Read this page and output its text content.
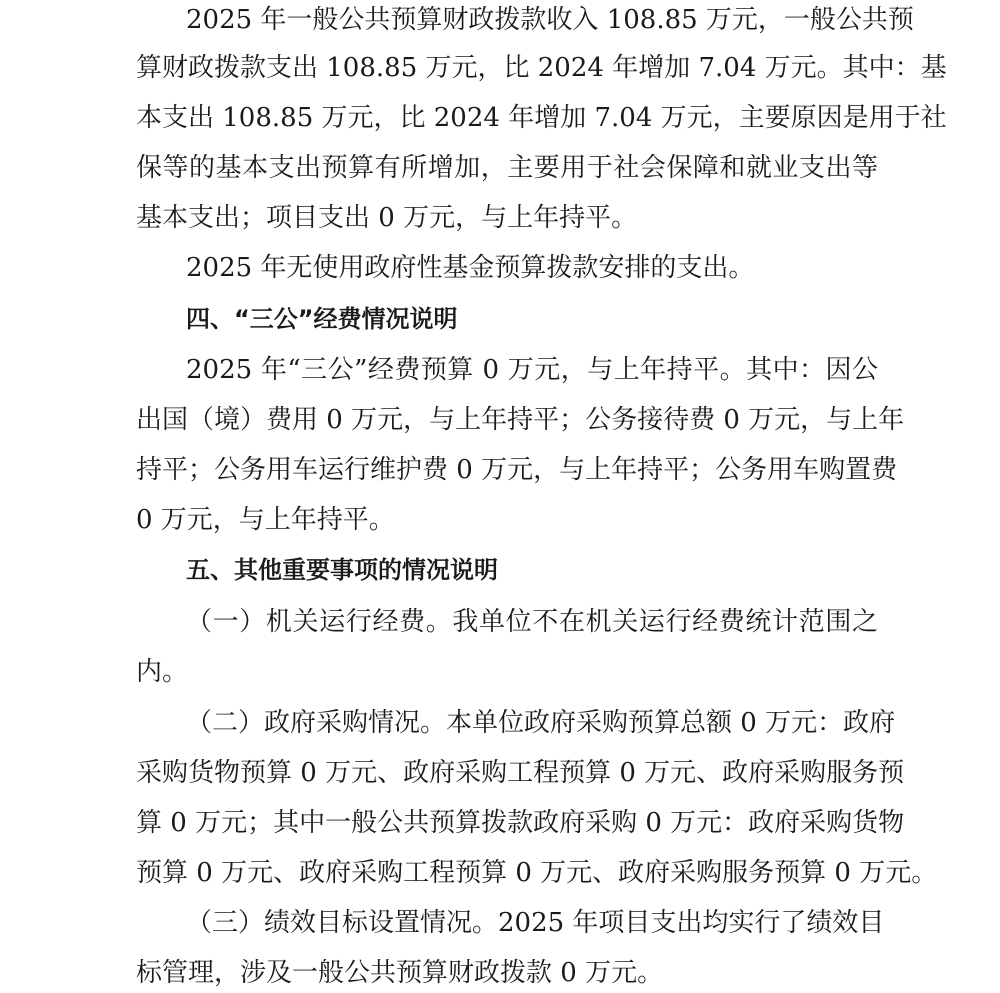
2025 年一般公共预算财政拨款收入 108.85 万元，一般公共预
算财政拨款支出 108.85 万元，比 2024 年增加 7.04 万元。其中：基
本支出 108.85 万元，比 2024 年增加 7.04 万元，主要原因是用于社
保等的基本支出预算有所增加，主要用于社会保障和就业支出等
基本支出；项目支出 0 万元，与上年持平。
2025 年无使用政府性基金预算拨款安排的支出。
四、“三公”经费情况说明
2025 年“三公”经费预算 0 万元，与上年持平。其中：因公
出国（境）费用 0 万元，与上年持平；公务接待费 0 万元，与上年
持平；公务用车运行维护费 0 万元，与上年持平；公务用车购置费
0 万元，与上年持平。
五、其他重要事项的情况说明
（一）机关运行经费。我单位不在机关运行经费统计范围之
内。
（二）政府采购情况。本单位政府采购预算总额 0 万元：政府
采购货物预算 0 万元、政府采购工程预算 0 万元、政府采购服务预
算 0 万元；其中一般公共预算拨款政府采购 0 万元：政府采购货物
预算 0 万元、政府采购工程预算 0 万元、政府采购服务预算 0 万元。
（三）绩效目标设置情况。2025 年项目支出均实行了绩效目
标管理，涉及一般公共预算财政拨款 0 万元。
